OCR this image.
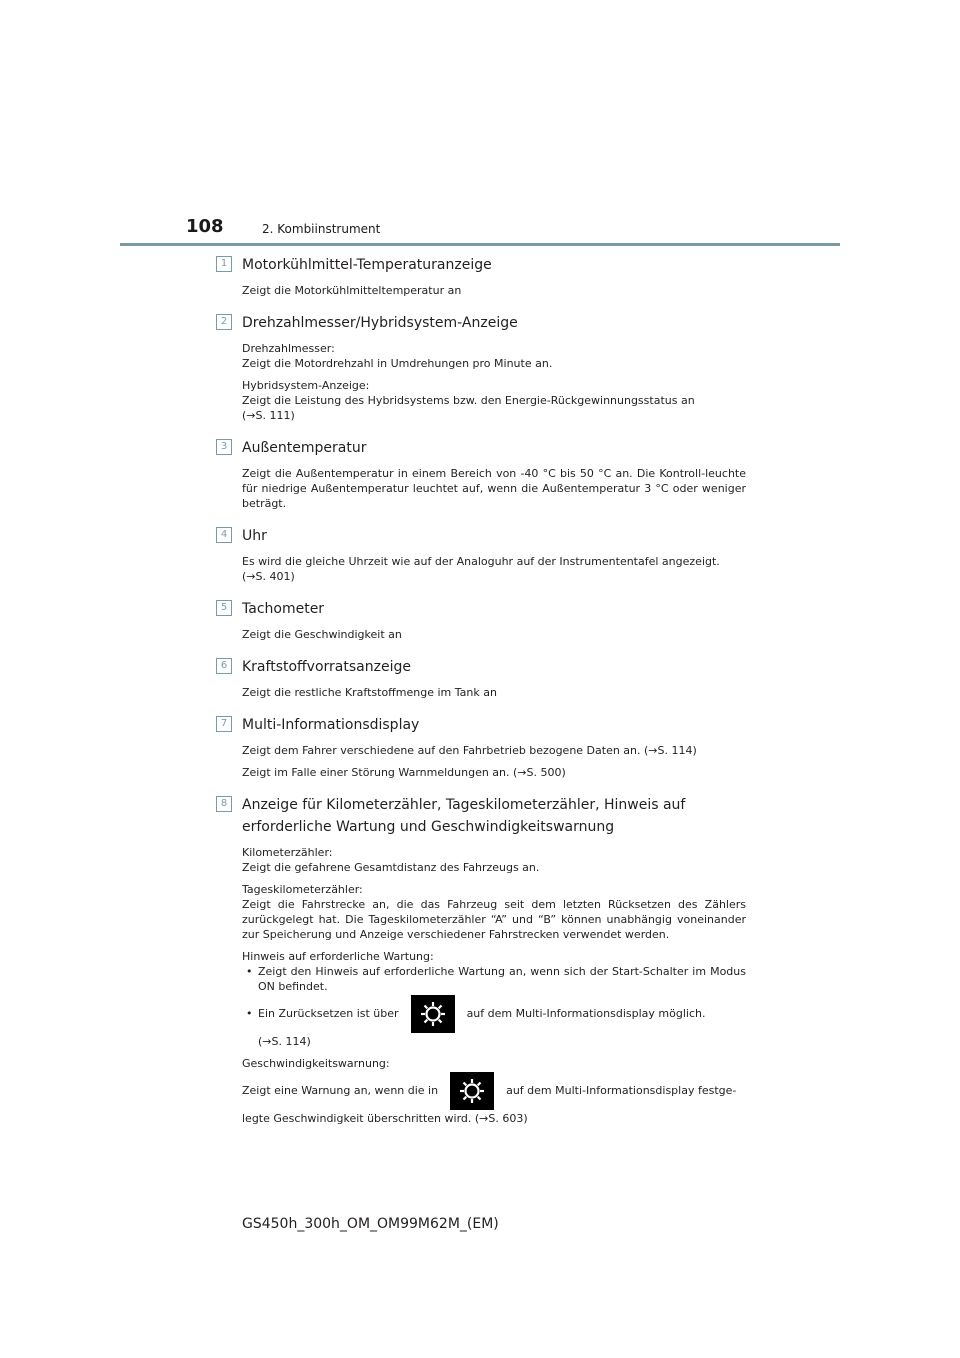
108	2. Kombiinstrument
1	Motorkühlmittel-Temperaturanzeige

Zeigt die Motorkühlmitteltemperatur an

2	Drehzahlmesser/Hybridsystem-Anzeige

Drehzahlmesser:

Zeigt die Motordrehzahl in Umdrehungen pro Minute an.

Hybridsystem-Anzeige:

Zeigt die Leistung des Hybridsystems bzw. den Energie-Rückgewinnungsstatus an

(→S. 111)

3	Außentemperatur

Zeigt die Außentemperatur in einem Bereich von -40 °C bis 50 °C an. Die Kontroll-leuchte für niedrige Außentemperatur leuchtet auf, wenn die Außentemperatur 3 °C oder weniger beträgt.

4	Uhr

Es wird die gleiche Uhrzeit wie auf der Analoguhr auf der Instrumententafel angezeigt.

(→S. 401)

5	Tachometer

Zeigt die Geschwindigkeit an

6	Kraftstoffvorratsanzeige

Zeigt die restliche Kraftstoffmenge im Tank an

7	Multi-Informationsdisplay

Zeigt dem Fahrer verschiedene auf den Fahrbetrieb bezogene Daten an. (→S. 114)

Zeigt im Falle einer Störung Warnmeldungen an. (→S. 500)

8	Anzeige für Kilometerzähler, Tageskilometerzähler, Hinweis auf erforderliche Wartung und Geschwindigkeitswarnung

Kilometerzähler:

Zeigt die gefahrene Gesamtdistanz des Fahrzeugs an.

Tageskilometerzähler:

Zeigt die Fahrstrecke an, die das Fahrzeug seit dem letzten Rücksetzen des Zählers zurückgelegt hat. Die Tageskilometerzähler “A” und “B” können unabhängig voneinander zur Speicherung und Anzeige verschiedener Fahrstrecken verwendet werden.

Hinweis auf erforderliche Wartung:

• Zeigt den Hinweis auf erforderliche Wartung an, wenn sich der Start-Schalter im Modus ON befindet.
• Ein Zurücksetzen ist über	auf dem Multi-Informationsdisplay möglich.
(→S. 114)

Geschwindigkeitswarnung:

Zeigt eine Warnung an, wenn die in	auf dem Multi-Informationsdisplay festge-

legte Geschwindigkeit überschritten wird. (→S. 603)

GS450h_300h_OM_OM99M62M_(EM)
